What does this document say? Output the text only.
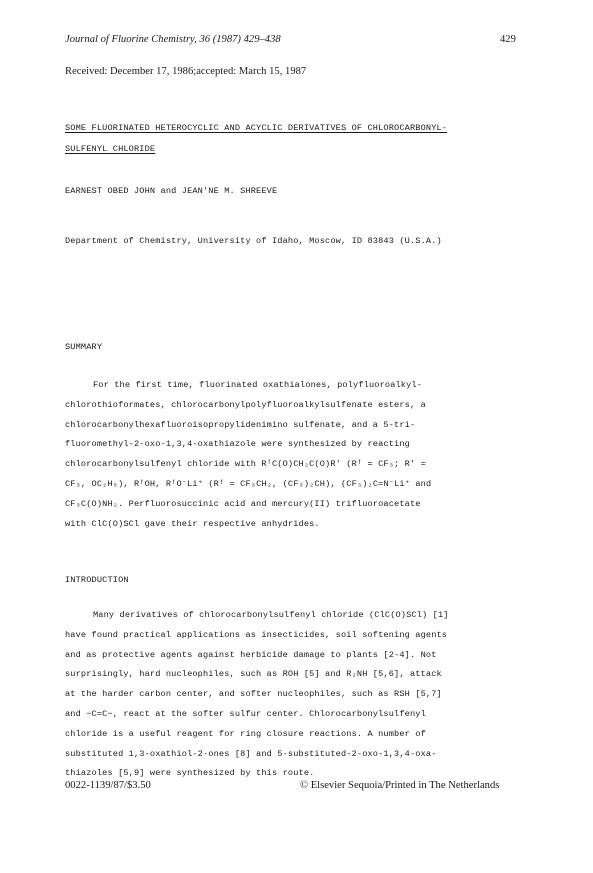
Journal of Fluorine Chemistry, 36 (1987) 429–438	429
Received: December 17, 1986;accepted: March 15, 1987
SOME FLUORINATED HETEROCYCLIC AND ACYCLIC DERIVATIVES OF CHLOROCARBONYL-
SULFENYL CHLORIDE
EARNEST OBED JOHN and JEAN'NE M. SHREEVE
Department of Chemistry, University of Idaho, Moscow, ID 83843 (U.S.A.)
SUMMARY
For the first time, fluorinated oxathialones, polyfluoroalkyl-
chlorothioformates, chlorocarbonylpolyfluoroalkylsulfenate esters, a
chlorocarbonylhexafluoroisopropylidenimino sulfenate, and a 5-tri-
fluoromethyl-2-oxo-1,3,4-oxathiazole were synthesized by reacting
chlorocarbonylsulfenyl chloride with RᶠC(O)CH₂C(O)R' (Rᶠ = CF₃; R' =
CF₃, OC₂H₅), RᶠOH, RᶠO⁻Li⁺ (Rᶠ = CF₃CH₂, (CF₃)₂CH), (CF₃)₂C=N⁻Li⁺ and
CF₃C(O)NH₂. Perfluorosuccinic acid and mercury(II) trifluoroacetate
with ClC(O)SCl gave their respective anhydrides.
INTRODUCTION
Many derivatives of chlorocarbonylsulfenyl chloride (ClC(O)SCl) [1]
have found practical applications as insecticides, soil softening agents
and as protective agents against herbicide damage to plants [2-4]. Not
surprisingly, hard nucleophiles, such as ROH [5] and R₂NH [5,6], attack
at the harder carbon center, and softer nucleophiles, such as RSH [5,7]
and −C=C−, react at the softer sulfur center. Chlorocarbonylsulfenyl
chloride is a useful reagent for ring closure reactions. A number of
substituted 1,3-oxathiol-2-ones [8] and 5-substituted-2-oxo-1,3,4-oxa-
thiazoles [5,9] were synthesized by this route.
0022-1139/87/$3.50	© Elsevier Sequoia/Printed in The Netherlands
